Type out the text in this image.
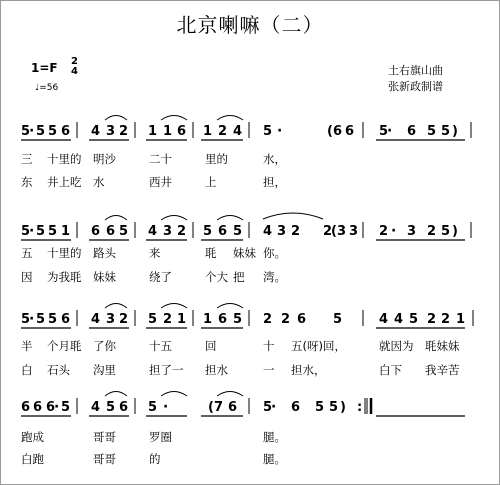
北京喇嘛（二）
1=F 2
4
♩=56
土右旗山曲
张新政制谱
5
· 5 5 6 4 3 2 1 1 6 1 2 4 5 ·	( 6 6 5
· 6 5 5 )
5
· 5 5 1 6 6 5 4 3 2 5 6 5 4 3 2 2
( 3 3 2 · 3 2 5 )
5
· 5 5 6 4 3 2 5 2 1 1 6 5 2 2 6 5	4 4 5 2 2 1
6 6 6
· 5 4 5 6 5 ·	( 7 6 5
· 6 5 5 ) :
三 十里的 明沙	二十	里的	水，
东 井上吃 水	西井	上	担，
五 十里的 路头	来	毦 妹妹 你。
因 为我毦 妹妹	绕了	个大 把 湾。
半 个月毦 了你	十五	回	十 五(呀)回，	就因为 毦妹妹
白 石头 沟里	担了一 担水	一 担水，	白下 我辛苦
跑成	哥哥	罗圈	腿。
白跑	哥哥	的	腿。
